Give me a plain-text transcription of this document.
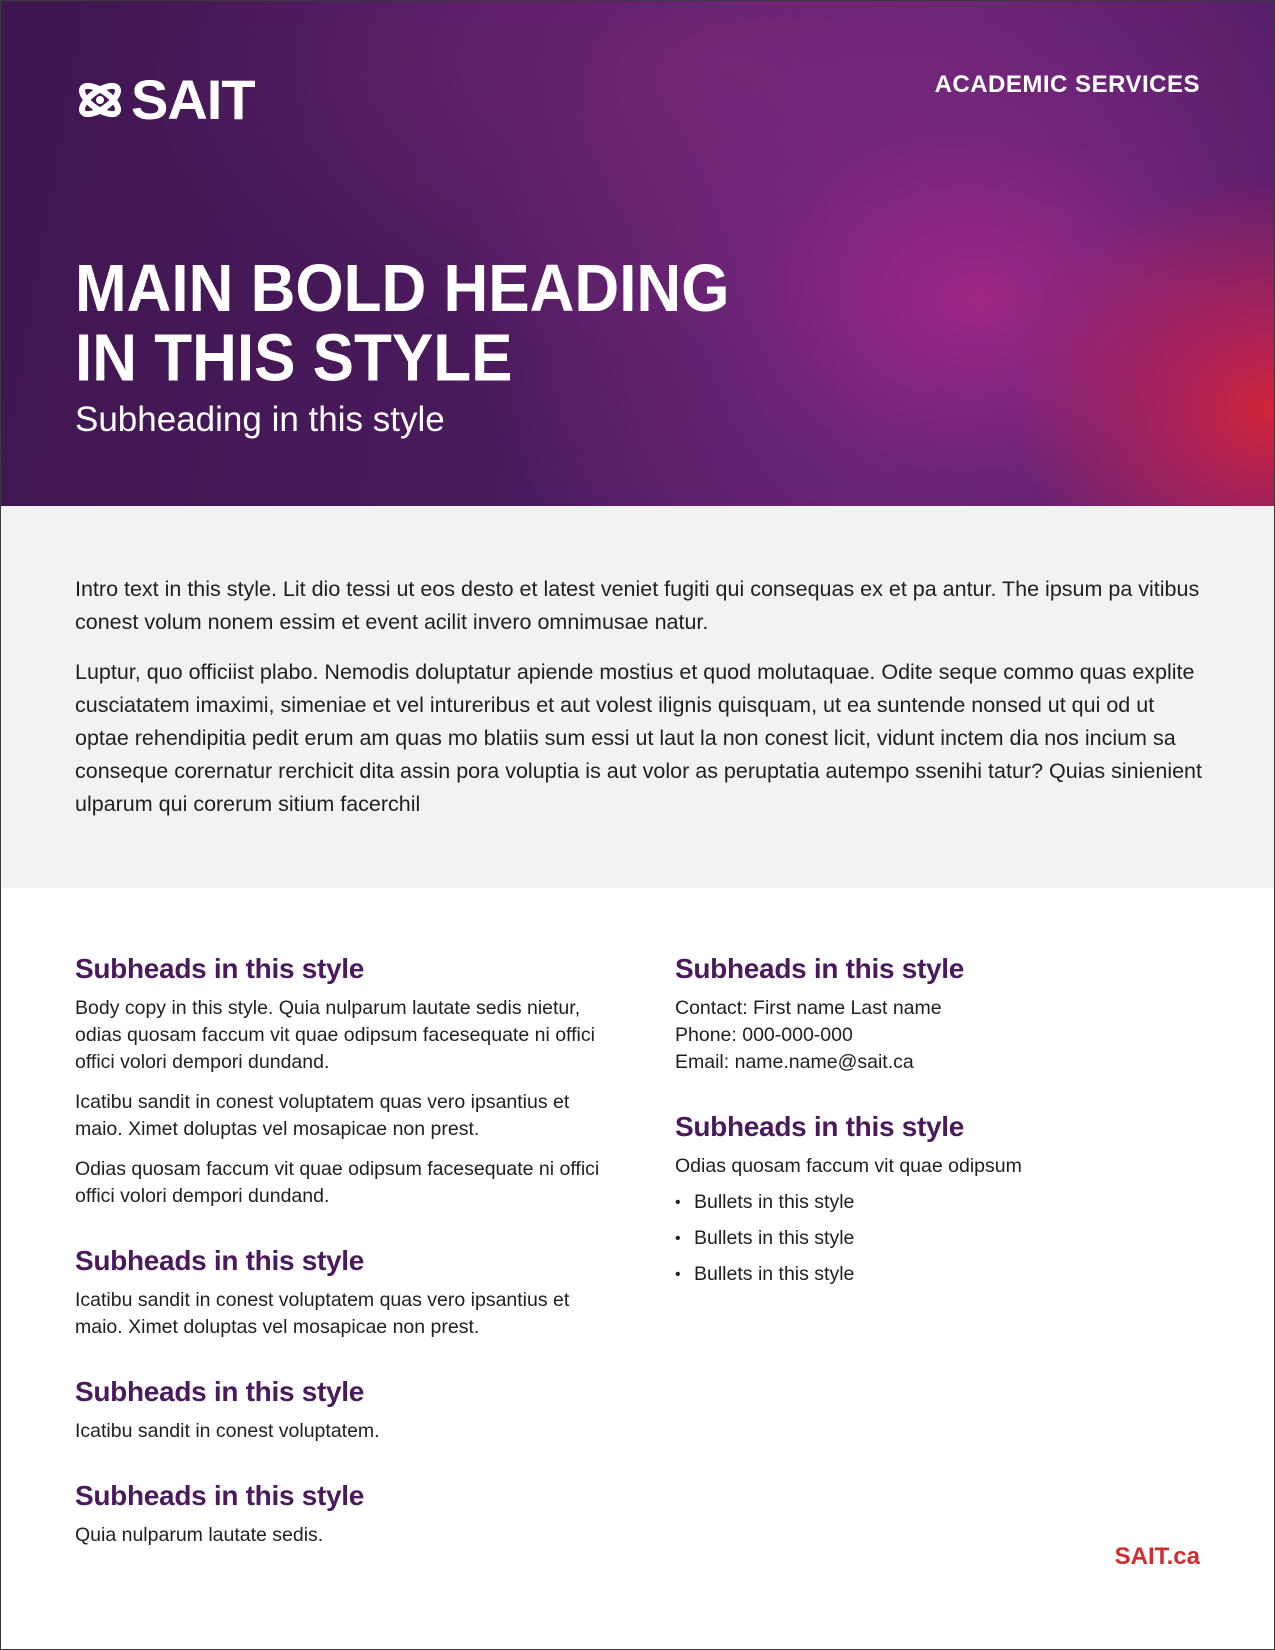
SAIT	ACADEMIC SERVICES
MAIN BOLD HEADING
IN THIS STYLE

Subheading in this style

Intro text in this style. Lit dio tessi ut eos desto et latest veniet fugiti qui consequas ex et pa antur. The ipsum pa vitibus conest volum nonem essim et event acilit invero omnimusae natur.

Luptur, quo officiist plabo. Nemodis doluptatur apiende mostius et quod molutaquae. Odite seque commo quas explite cusciatatem imaximi, simeniae et vel intureribus et aut volest ilignis quisquam, ut ea suntende nonsed ut qui od ut optae rehendipitia pedit erum am quas mo blatiis sum essi ut laut la non conest licit, vidunt inctem dia nos incium sa conseque corernatur rerchicit dita assin pora voluptia is aut volor as peruptatia autempo ssenihi tatur? Quias sinienient ulparum qui corerum sitium facerchil

Subheads in this style

Body copy in this style. Quia nulparum lautate sedis nietur, odias quosam faccum vit quae odipsum facesequate ni offici offici volori dempori dundand.

Icatibu sandit in conest voluptatem quas vero ipsantius et maio. Ximet doluptas vel mosapicae non prest.

Odias quosam faccum vit quae odipsum facesequate ni offici offici volori dempori dundand.

Subheads in this style

Icatibu sandit in conest voluptatem quas vero ipsantius et maio. Ximet doluptas vel mosapicae non prest.

Subheads in this style

Icatibu sandit in conest voluptatem.

Subheads in this style

Quia nulparum lautate sedis.

Subheads in this style
Contact: First name Last name
Phone: 000-000-000
Email: name.name@sait.ca
Subheads in this style

Odias quosam faccum vit quae odipsum

• Bullets in this style
• Bullets in this style
• Bullets in this style
SAIT.ca
